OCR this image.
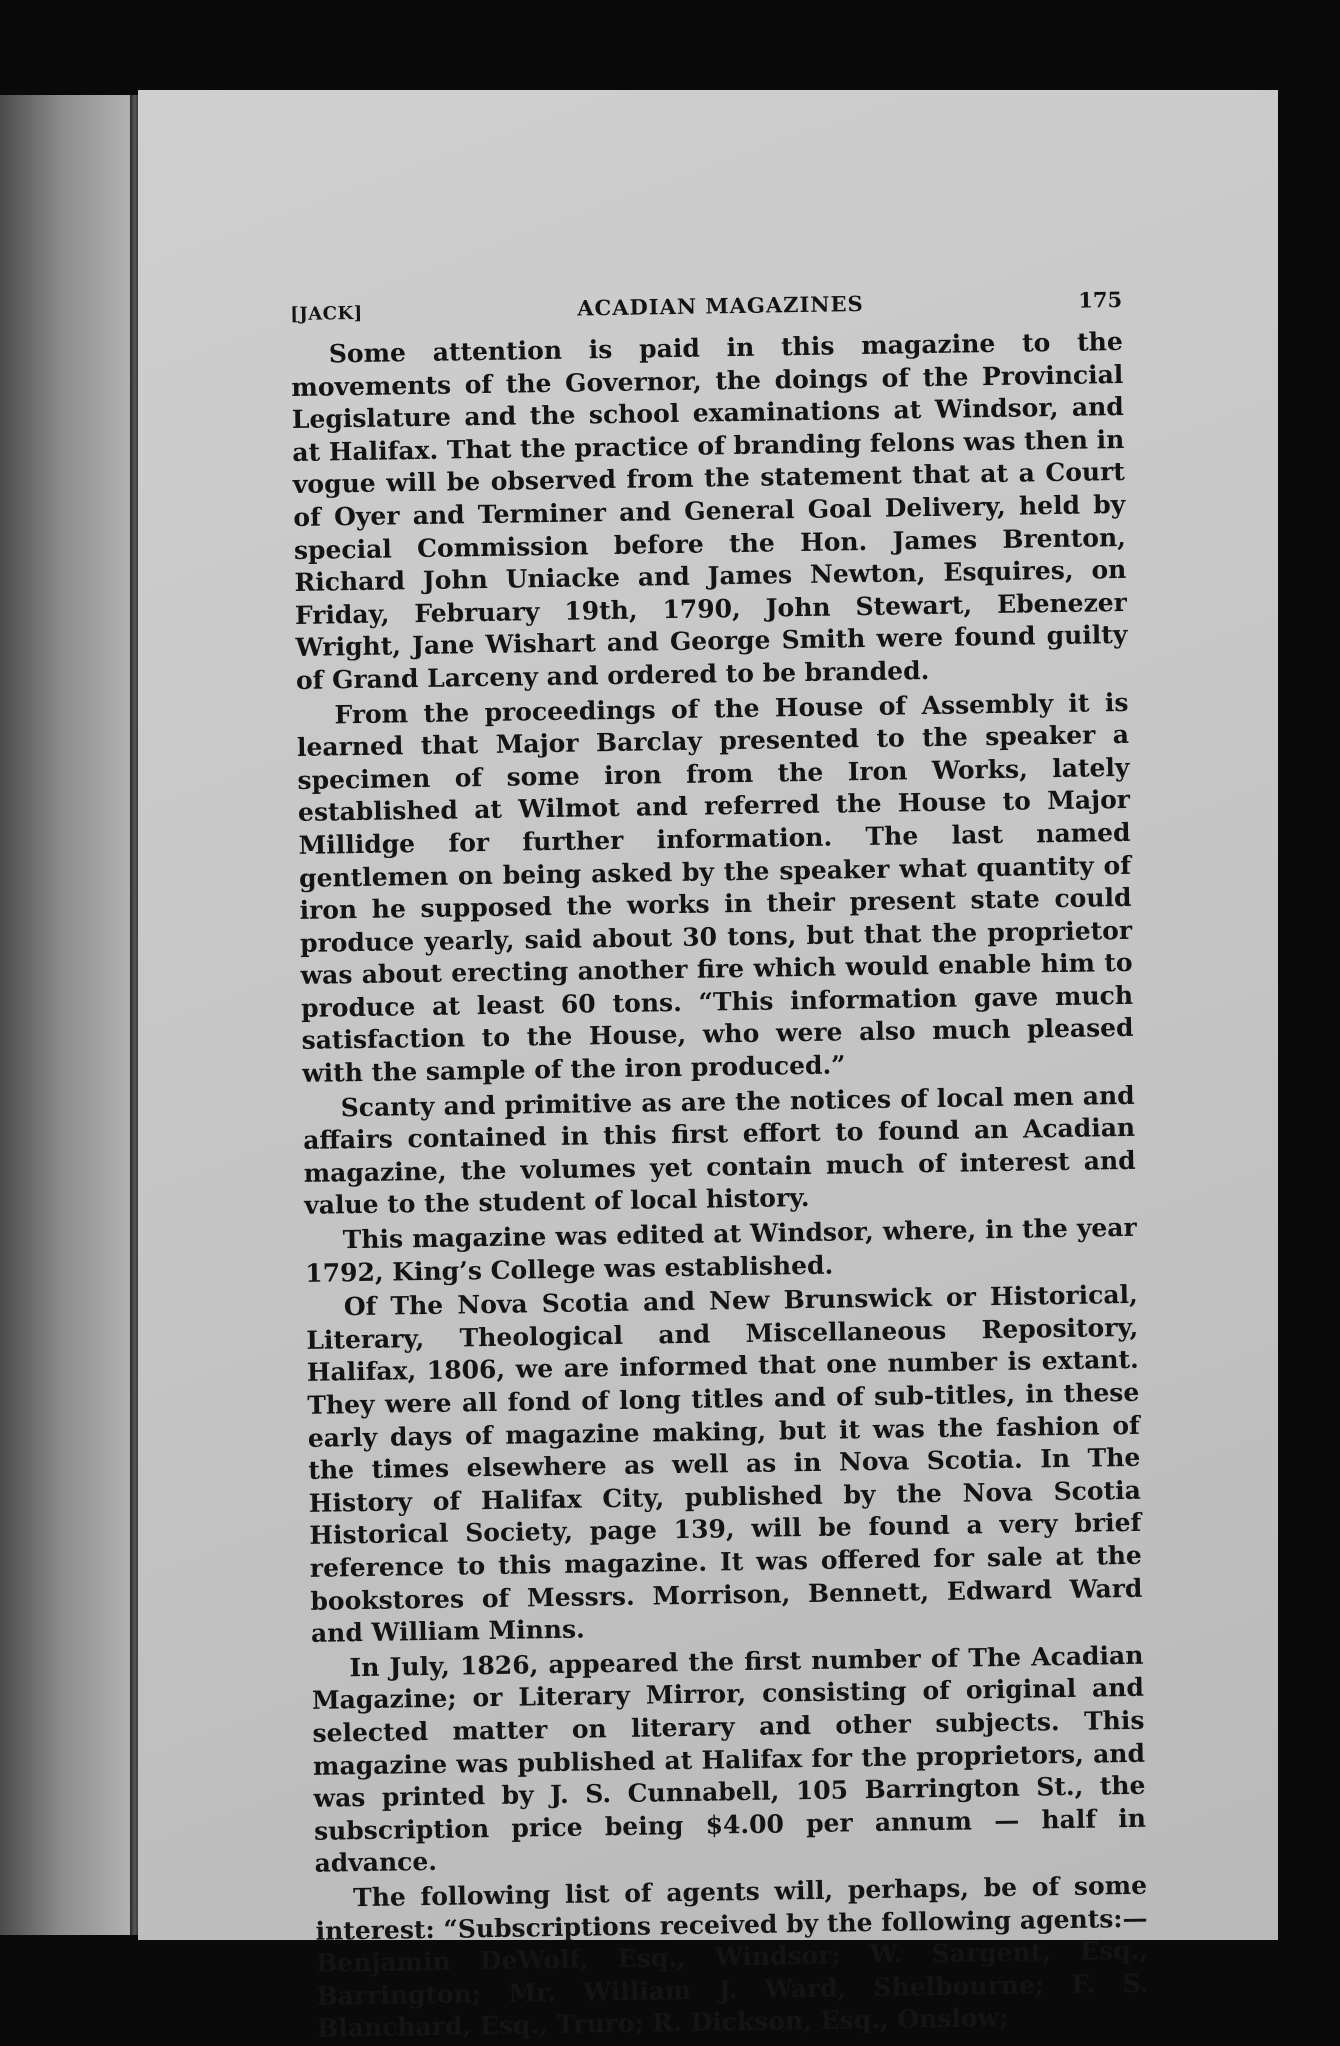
[JACK]	ACADIAN MAGAZINES	175

Some attention is paid in this magazine to the movements of the Governor, the doings of the Provincial Legislature and the school examinations at Windsor, and at Halifax. That the practice of branding felons was then in vogue will be observed from the statement that at a Court of Oyer and Terminer and General Goal Delivery, held by special Commission before the Hon. James Brenton, Richard John Uniacke and James Newton, Esquires, on Friday, February 19th, 1790, John Stewart, Ebenezer Wright, Jane Wishart and George Smith were found guilty of Grand Larceny and ordered to be branded.

From the proceedings of the House of Assembly it is learned that Major Barclay presented to the speaker a specimen of some iron from the Iron Works, lately established at Wilmot and referred the House to Major Millidge for further information. The last named gentlemen on being asked by the speaker what quantity of iron he supposed the works in their present state could produce yearly, said about 30 tons, but that the proprietor was about erecting another fire which would enable him to produce at least 60 tons. “This information gave much satisfaction to the House, who were also much pleased with the sample of the iron produced.”

Scanty and primitive as are the notices of local men and affairs contained in this first effort to found an Acadian magazine, the volumes yet contain much of interest and value to the student of local history.

This magazine was edited at Windsor, where, in the year 1792, King’s College was established.

Of The Nova Scotia and New Brunswick or Historical, Literary, Theological and Miscellaneous Repository, Halifax, 1806, we are informed that one number is extant. They were all fond of long titles and of sub-titles, in these early days of magazine making, but it was the fashion of the times elsewhere as well as in Nova Scotia. In The History of Halifax City, published by the Nova Scotia Historical Society, page 139, will be found a very brief reference to this magazine. It was offered for sale at the bookstores of Messrs. Morrison, Bennett, Edward Ward and William Minns.

In July, 1826, appeared the first number of The Acadian Magazine; or Literary Mirror, consisting of original and selected matter on literary and other subjects. This magazine was published at Halifax for the proprietors, and was printed by J. S. Cunnabell, 105 Barrington St., the subscription price being $4.00 per annum — half in advance.

The following list of agents will, perhaps, be of some interest: “Subscriptions received by the following agents:—Benjamin DeWolf, Esq., Windsor; W. Sargent, Esq., Barrington; Mr. William J. Ward, Shelbourne; F. S. Blanchard, Esq., Truro; R. Dickson, Esq., Onslow;
